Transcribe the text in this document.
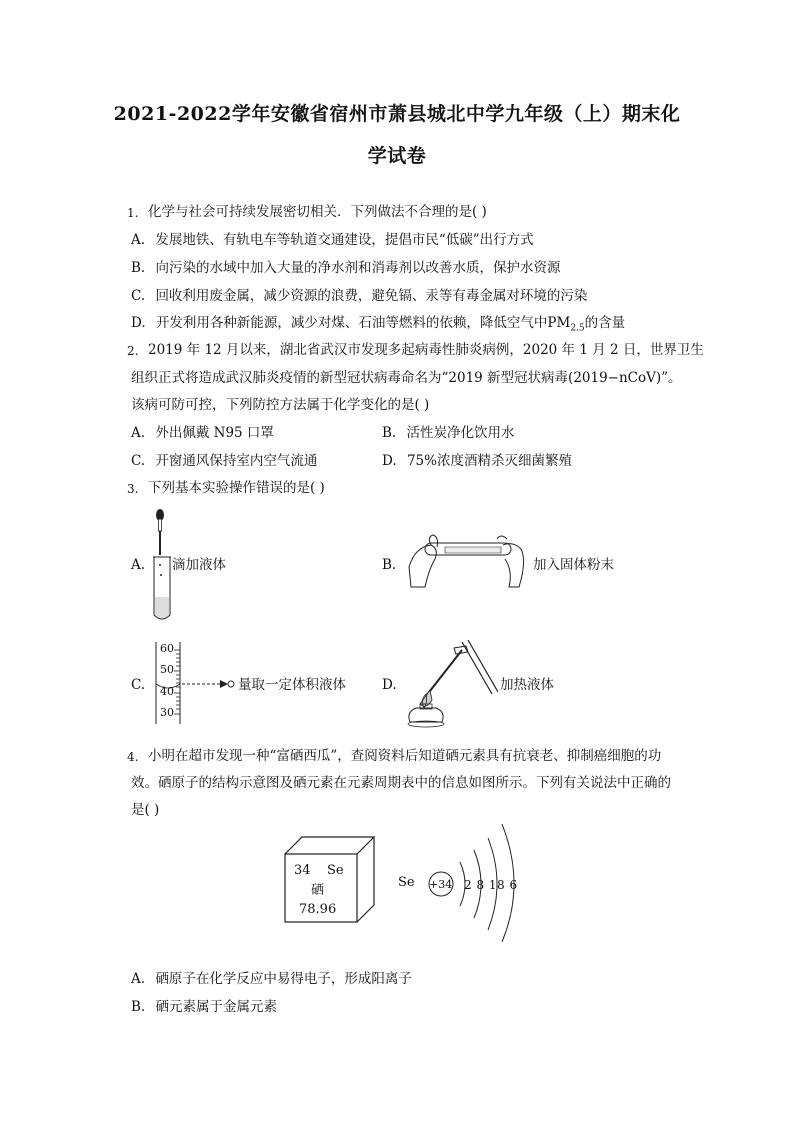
2021-2022学年安徽省宿州市萧县城北中学九年级（上）期末化
学试卷
1. 化学与社会可持续发展密切相关．下列做法不合理的是( )
A. 发展地铁、有轨电车等轨道交通建设，提倡市民“低碳”出行方式
B. 向污染的水域中加入大量的净水剂和消毒剂以改善水质，保护水资源
C. 回收利用废金属，减少资源的浪费，避免镉、汞等有毒金属对环境的污染
D. 开发利用各种新能源，减少对煤、石油等燃料的依赖，降低空气中$PM_{2.5}$的含量
2. 2019 年 12 月以来，湖北省武汉市发现多起病毒性肺炎病例，2020 年 1 月 2 日，世界卫生
组织正式将造成武汉肺炎疫情的新型冠状病毒命名为“2019 新型冠状病毒(2019−nCoV)”。
该病可防可控，下列防控方法属于化学变化的是( )
A. 外出佩戴 N95 口罩	B. 活性炭净化饮用水
C. 开窗通风保持室内空气流通	D. 75%浓度酒精杀灭细菌繁殖
3. 下列基本实验操作错误的是( )
A. 滴加液体	B.	加入固体粉末
C.
60
50
40
30
量取一定体积液体	D.	加热液体
4. 小明在超市发现一种“富硒西瓜”，查阅资料后知道硒元素具有抗衰老、抑制癌细胞的功
效。硒原子的结构示意图及硒元素在元素周期表中的信息如图所示。下列有关说法中正确的
是( )
34 Se
硒
78.96
Se +34 2 8 18 6
A. 硒原子在化学反应中易得电子，形成阳离子
B. 硒元素属于金属元素
